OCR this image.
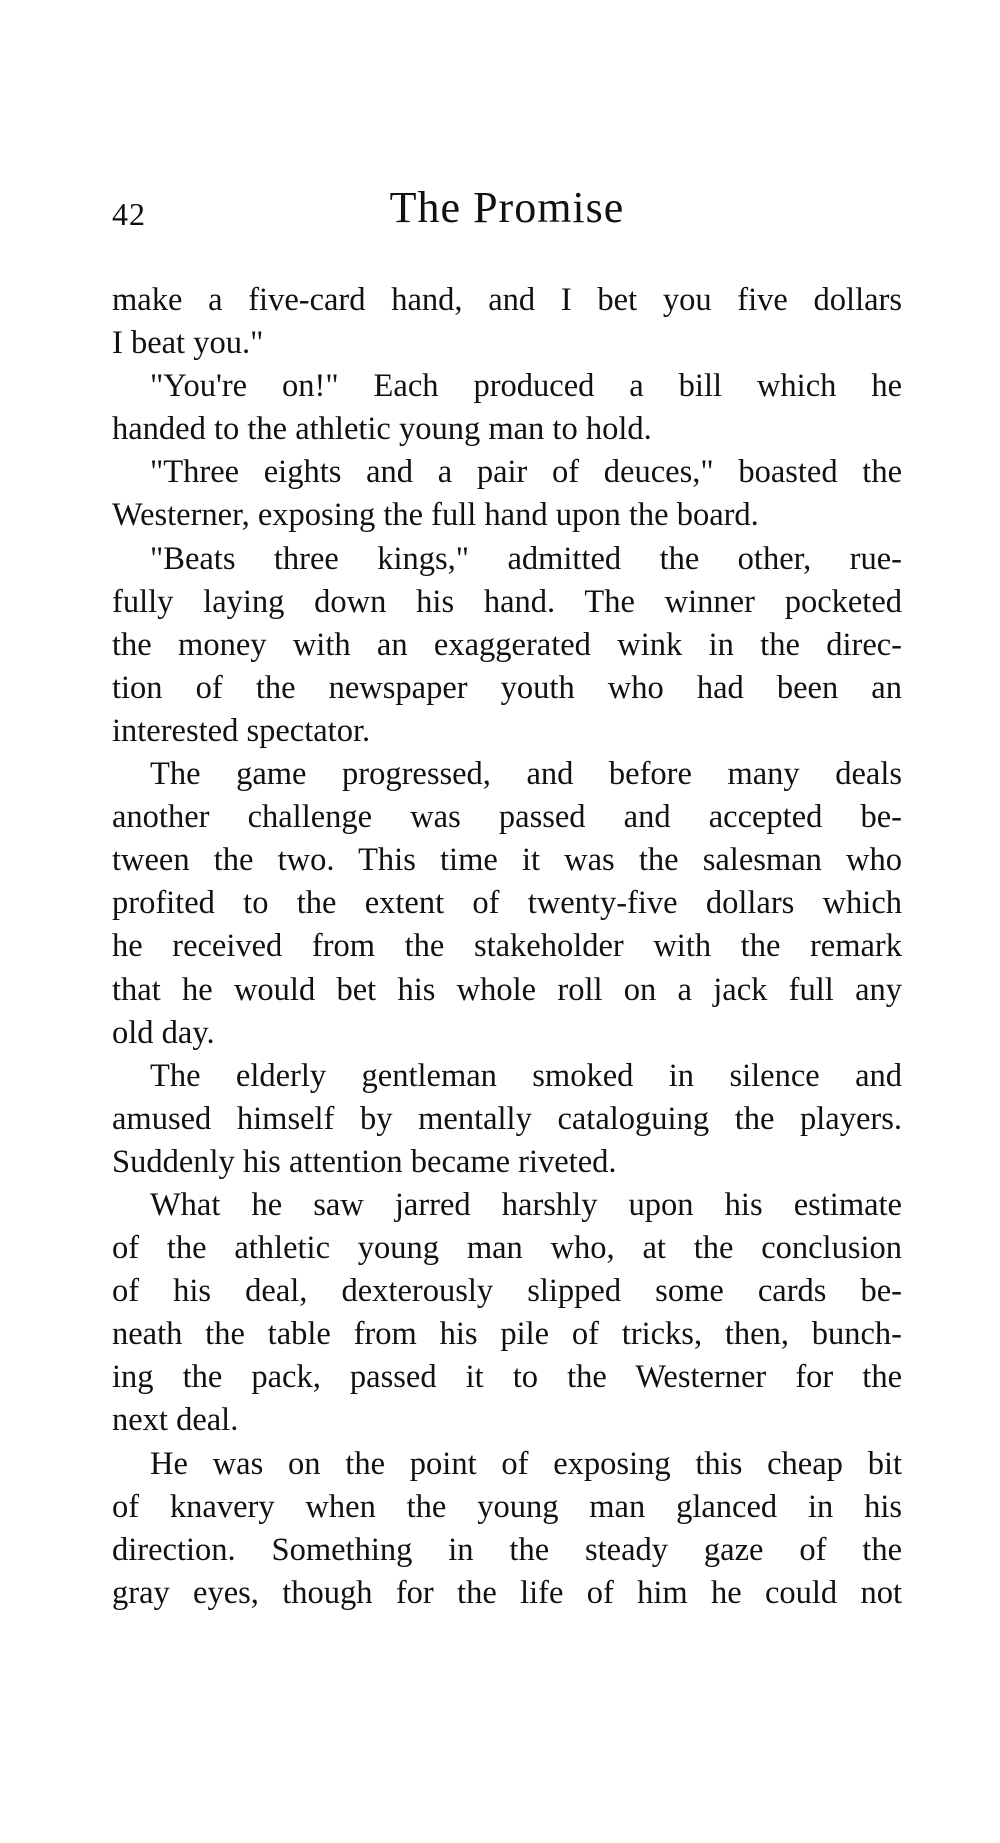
42	The Promise
make a five-card hand, and I bet you five dollars
I beat you."
"You're on!" Each produced a bill which he
handed to the athletic young man to hold.
"Three eights and a pair of deuces," boasted the
Westerner, exposing the full hand upon the board.
"Beats three kings," admitted the other, rue-
fully laying down his hand. The winner pocketed
the money with an exaggerated wink in the direc-
tion of the newspaper youth who had been an
interested spectator.
The game progressed, and before many deals
another challenge was passed and accepted be-
tween the two. This time it was the salesman who
profited to the extent of twenty-five dollars which
he received from the stakeholder with the remark
that he would bet his whole roll on a jack full any
old day.
The elderly gentleman smoked in silence and
amused himself by mentally cataloguing the players.
Suddenly his attention became riveted.
What he saw jarred harshly upon his estimate
of the athletic young man who, at the conclusion
of his deal, dexterously slipped some cards be-
neath the table from his pile of tricks, then, bunch-
ing the pack, passed it to the Westerner for the
next deal.
He was on the point of exposing this cheap bit
of knavery when the young man glanced in his
direction. Something in the steady gaze of the
gray eyes, though for the life of him he could not
